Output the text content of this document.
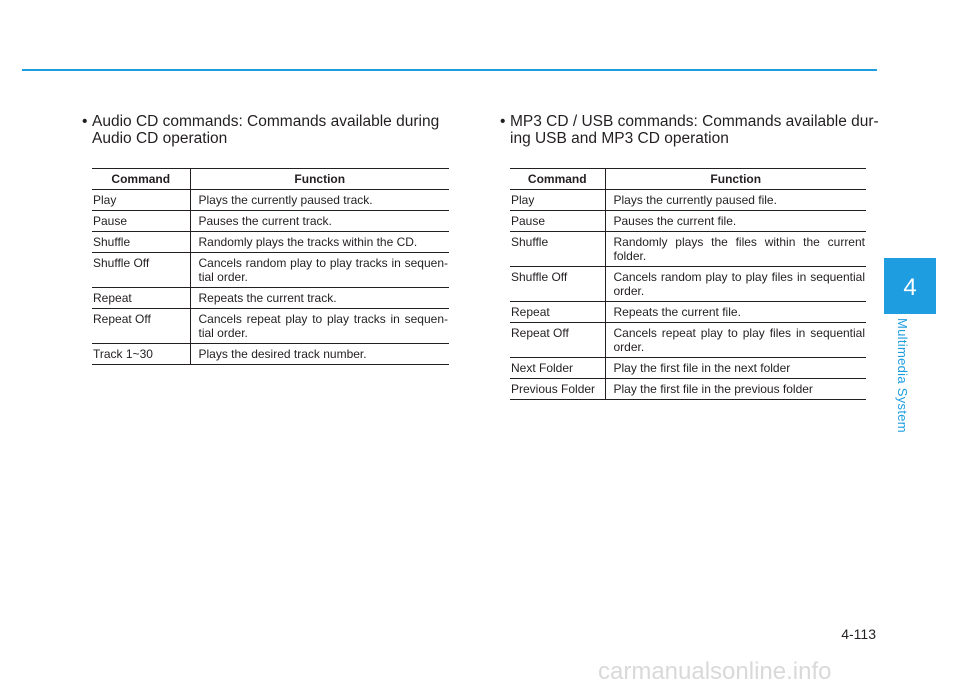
• Audio CD commands: Commands available during Audio CD operation

Command	Function
Play	Plays the currently paused track.

Pause	Pauses the current track.

Shuffle	Randomly plays the tracks within the CD.

Shuffle Off	Cancels random play to play tracks in sequen-tial order.

Repeat	Repeats the current track.

Repeat Off	Cancels repeat play to play tracks in sequen-tial order.

Track 1~30	Plays the desired track number.

• MP3 CD / USB commands: Commands available dur-ing USB and MP3 CD operation

Command	Function
Play	Plays the currently paused file.

Pause	Pauses the current file.

Shuffle	Randomly plays the files within the current folder.

Shuffle Off	Cancels random play to play files in sequential order.

Repeat	Repeats the current file.

Repeat Off	Cancels repeat play to play files in sequential order.

Next Folder	Play the first file in the next folder

Previous Folder	Play the first file in the previous folder
4
Multimedia System
4-113
carmanualsonline.info
